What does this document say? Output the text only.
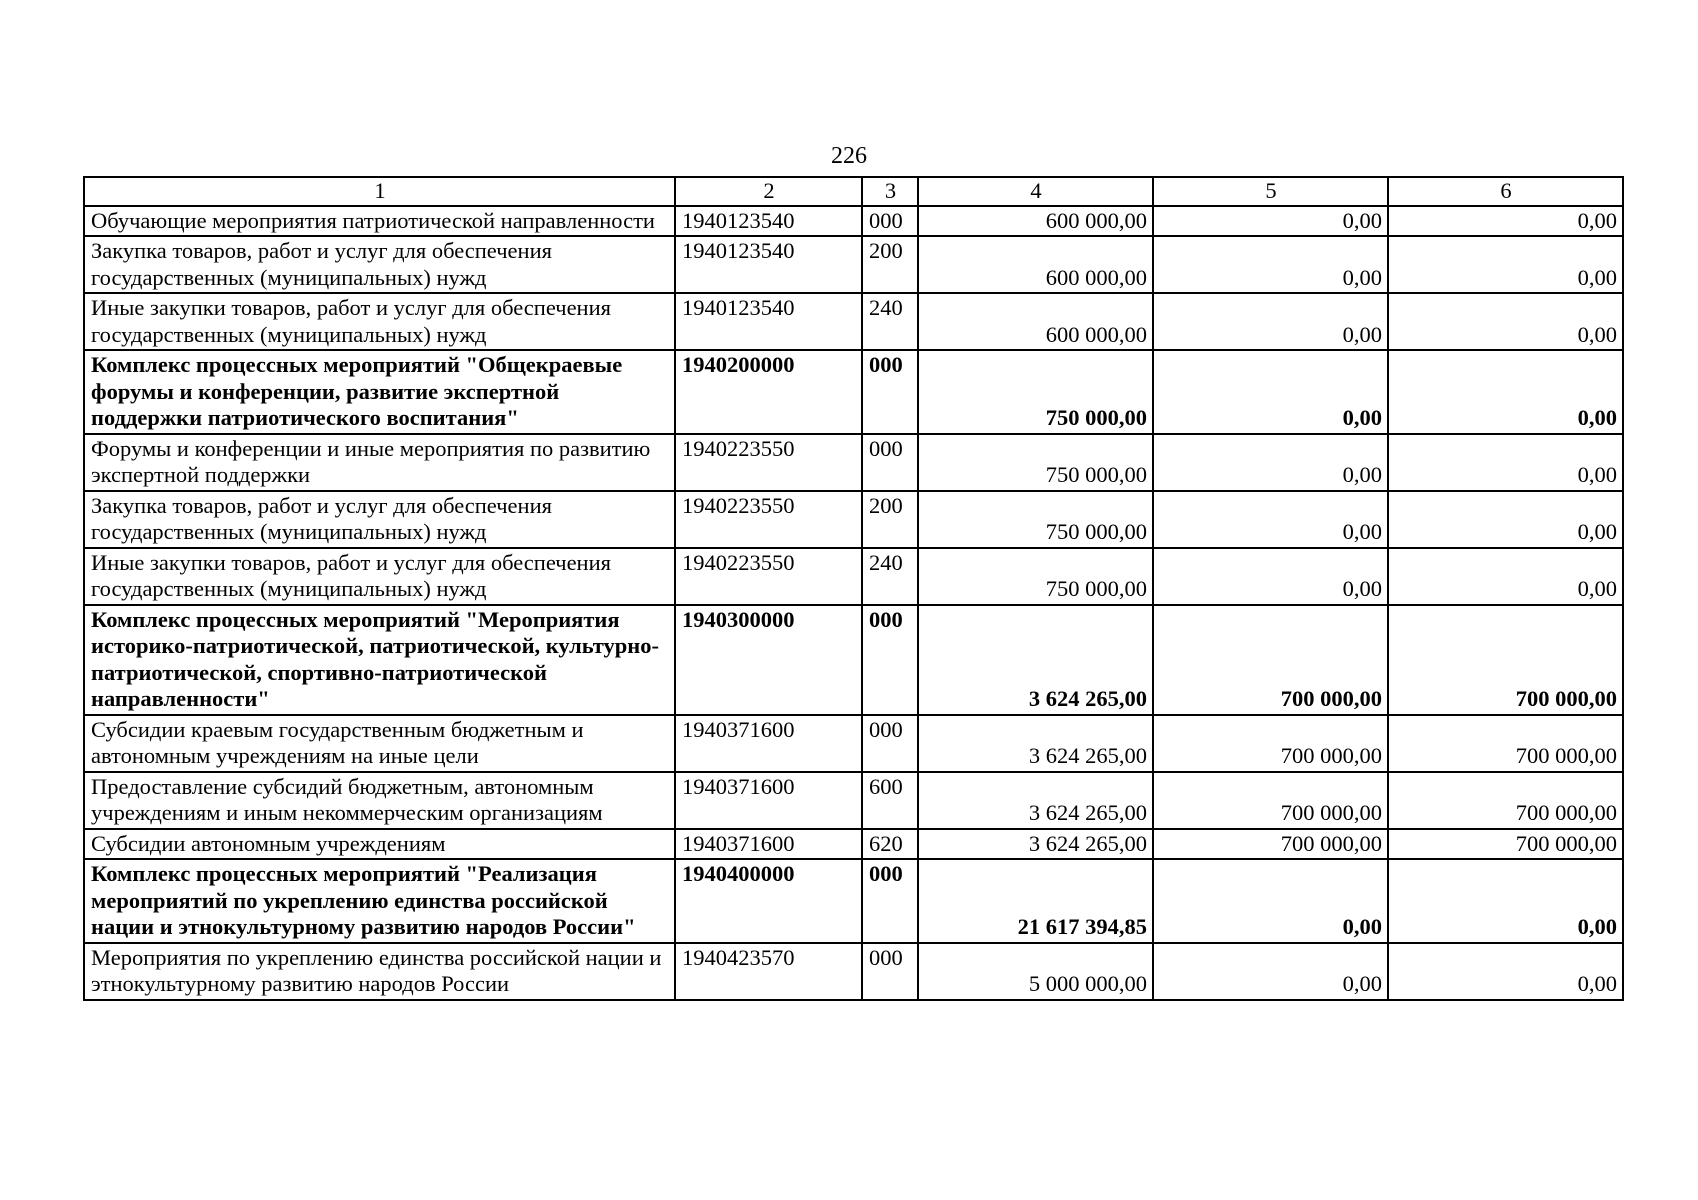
226
1	2	3	4	5	6
Обучающие мероприятия патриотической направленности	1940123540	000	600 000,00	0,00	0,00
Закупка товаров, работ и услуг для обеспечения государственных (муниципальных) нужд	1940123540	200	600 000,00	0,00	0,00
Иные закупки товаров, работ и услуг для обеспечения государственных (муниципальных) нужд	1940123540	240	600 000,00	0,00	0,00
Комплекс процессных мероприятий "Общекраевые форумы и конференции, развитие экспертной поддержки патриотического воспитания"	1940200000	000	750 000,00	0,00	0,00
Форумы и конференции и иные мероприятия по развитию экспертной поддержки	1940223550	000	750 000,00	0,00	0,00
Закупка товаров, работ и услуг для обеспечения государственных (муниципальных) нужд	1940223550	200	750 000,00	0,00	0,00
Иные закупки товаров, работ и услуг для обеспечения государственных (муниципальных) нужд	1940223550	240	750 000,00	0,00	0,00
Комплекс процессных мероприятий "Мероприятия историко-патриотической, патриотической, культурно-патриотической, спортивно-патриотической направленности"	1940300000	000	3 624 265,00	700 000,00	700 000,00
Субсидии краевым государственным бюджетным и автономным учреждениям на иные цели	1940371600	000	3 624 265,00	700 000,00	700 000,00
Предоставление субсидий бюджетным, автономным учреждениям и иным некоммерческим организациям	1940371600	600	3 624 265,00	700 000,00	700 000,00
Субсидии автономным учреждениям	1940371600	620	3 624 265,00	700 000,00	700 000,00
Комплекс процессных мероприятий "Реализация мероприятий по укреплению единства российской нации и этнокультурному развитию народов России"	1940400000	000	21 617 394,85	0,00	0,00
Мероприятия по укреплению единства российской нации и этнокультурному развитию народов России	1940423570	000	5 000 000,00	0,00	0,00
